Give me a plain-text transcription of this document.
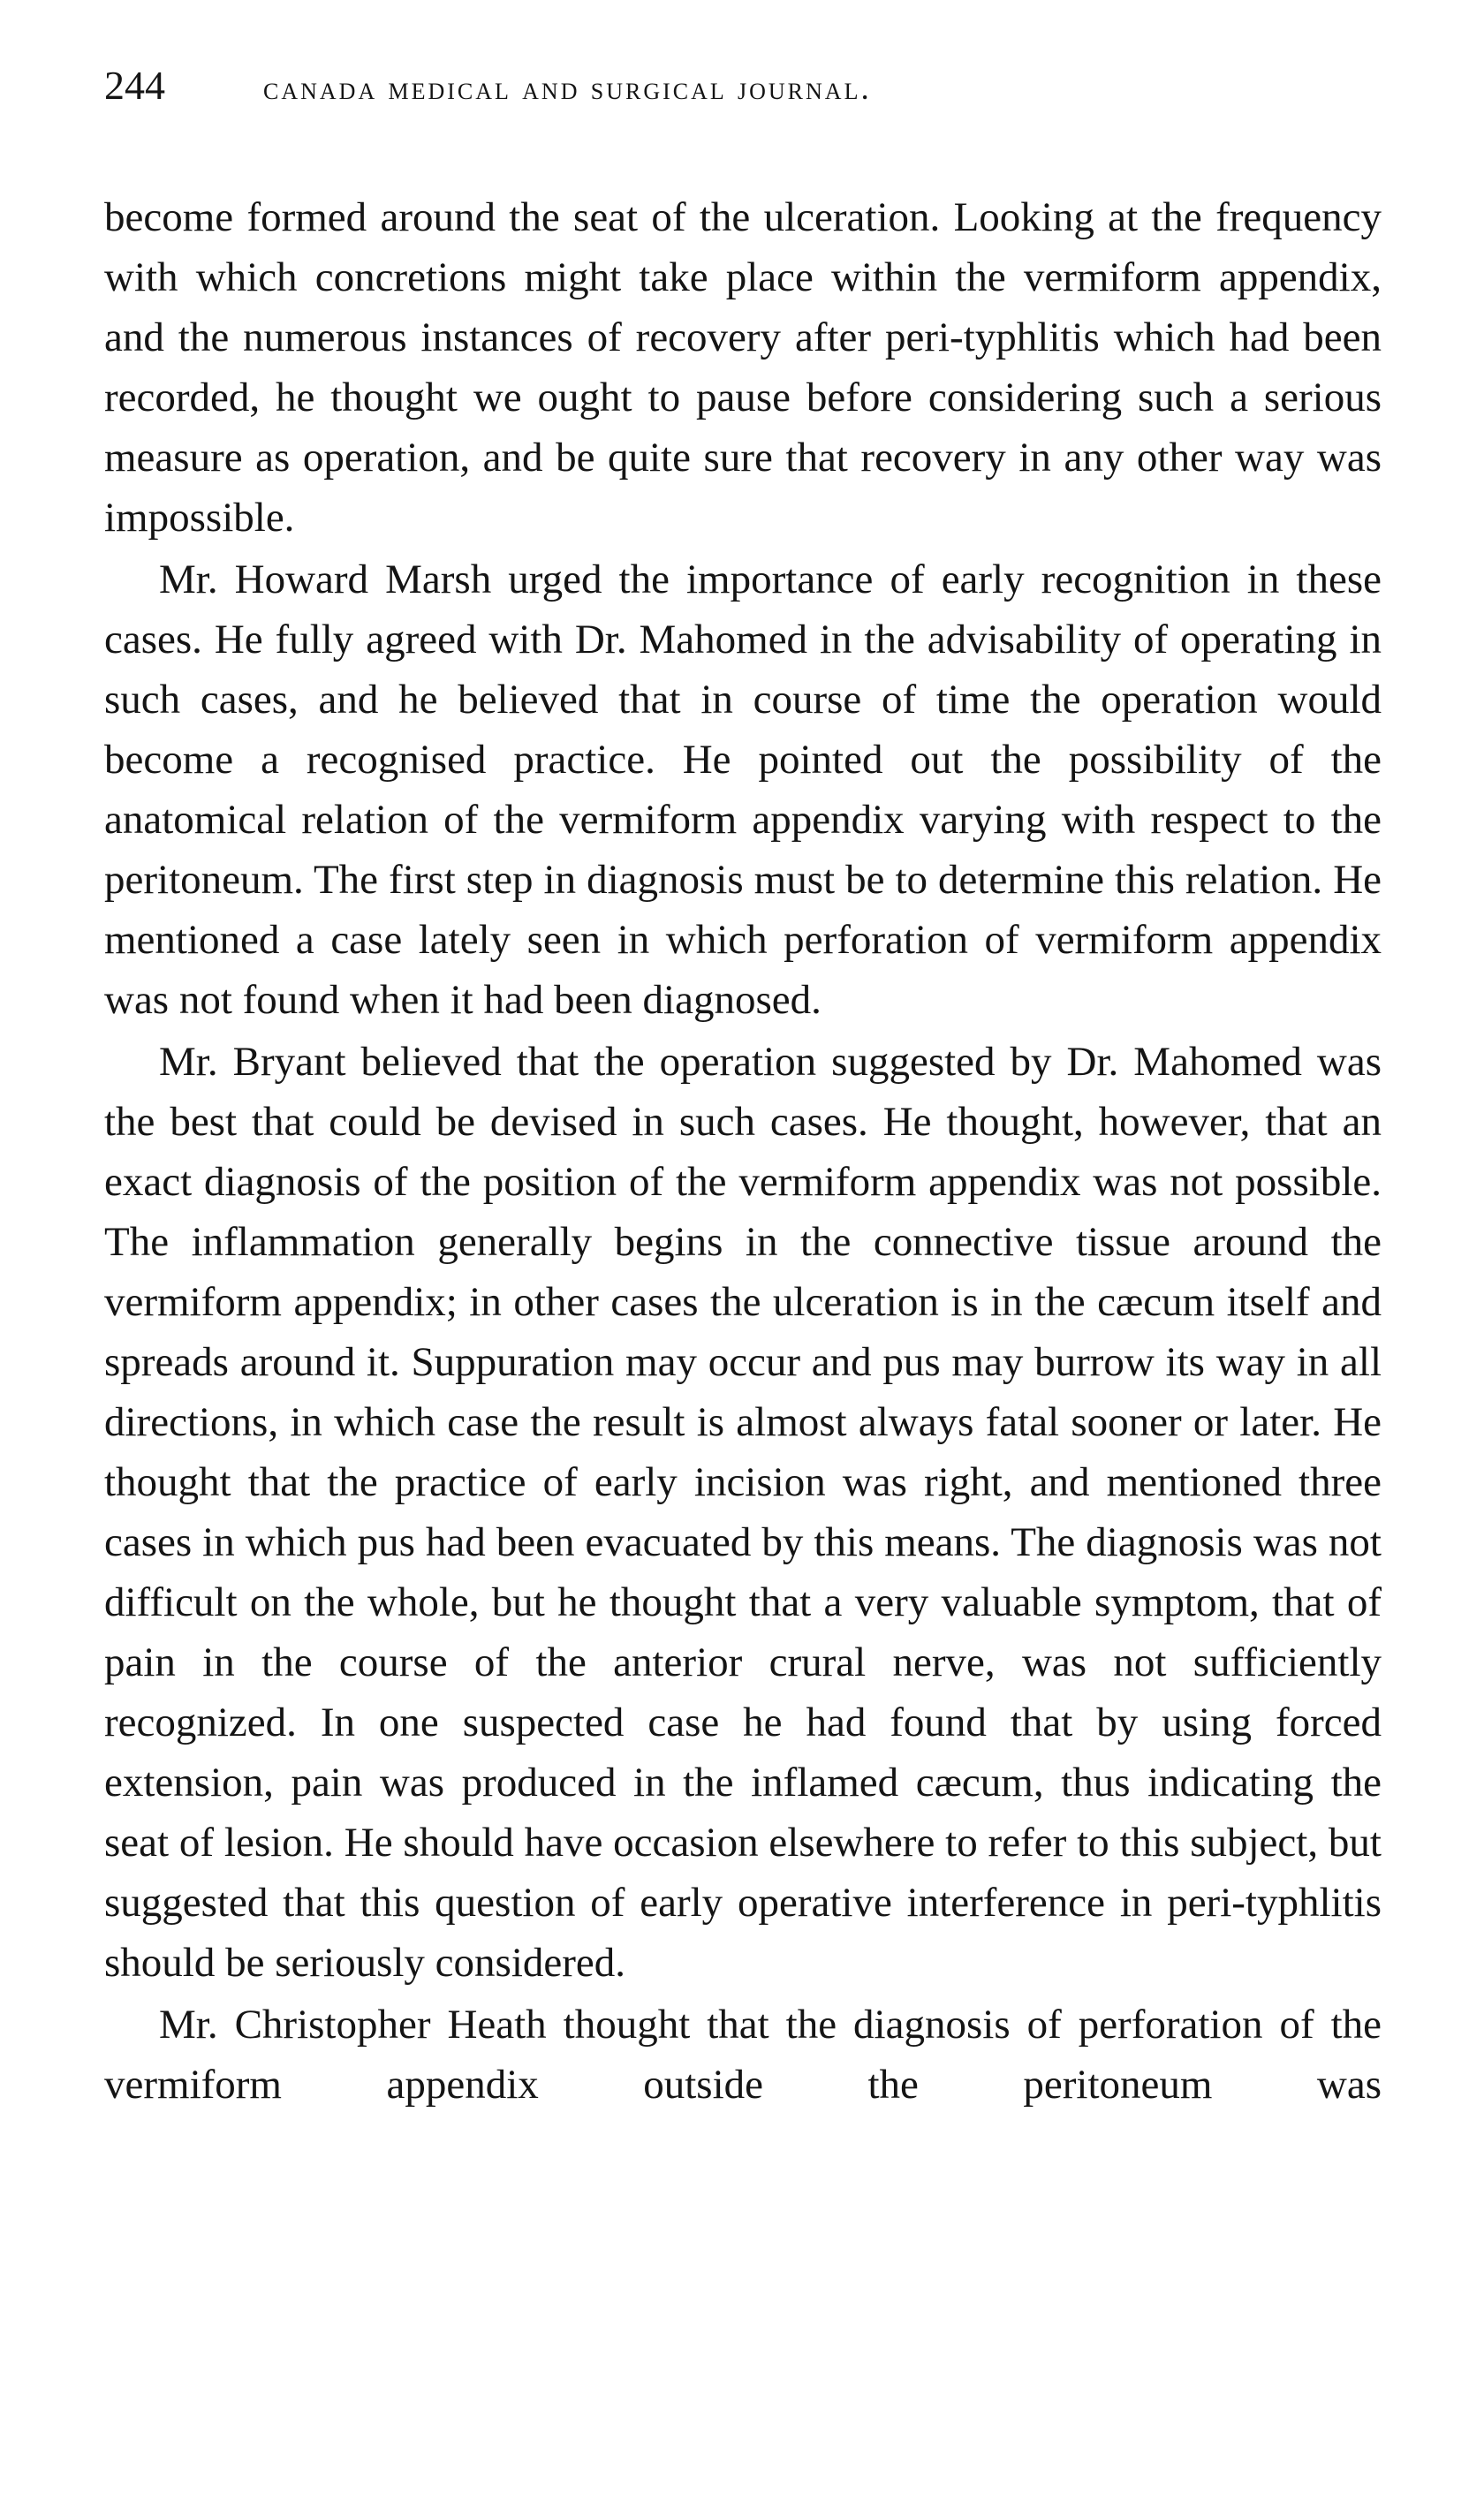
244	canada medical and surgical journal.

become formed around the seat of the ulceration. Looking at the frequency with which concretions might take place within the vermiform appendix, and the numerous instances of recovery after peri-typhlitis which had been recorded, he thought we ought to pause before considering such a serious measure as operation, and be quite sure that recovery in any other way was impossible.

Mr. Howard Marsh urged the importance of early recognition in these cases. He fully agreed with Dr. Mahomed in the advisability of operating in such cases, and he believed that in course of time the operation would become a recognised practice. He pointed out the possibility of the anatomical relation of the vermiform appendix varying with respect to the peritoneum. The first step in diagnosis must be to determine this relation. He mentioned a case lately seen in which perforation of vermiform appendix was not found when it had been diagnosed.

Mr. Bryant believed that the operation suggested by Dr. Mahomed was the best that could be devised in such cases. He thought, however, that an exact diagnosis of the position of the vermiform appendix was not possible. The inflammation generally begins in the connective tissue around the vermiform appendix; in other cases the ulceration is in the cæcum itself and spreads around it. Suppuration may occur and pus may burrow its way in all directions, in which case the result is almost always fatal sooner or later. He thought that the practice of early incision was right, and mentioned three cases in which pus had been evacuated by this means. The diagnosis was not difficult on the whole, but he thought that a very valuable symptom, that of pain in the course of the anterior crural nerve, was not sufficiently recognized. In one suspected case he had found that by using forced extension, pain was produced in the inflamed cæcum, thus indicating the seat of lesion. He should have occasion elsewhere to refer to this subject, but suggested that this question of early operative interference in peri-typhlitis should be seriously considered.

Mr. Christopher Heath thought that the diagnosis of perforation of the vermiform appendix outside the peritoneum was
